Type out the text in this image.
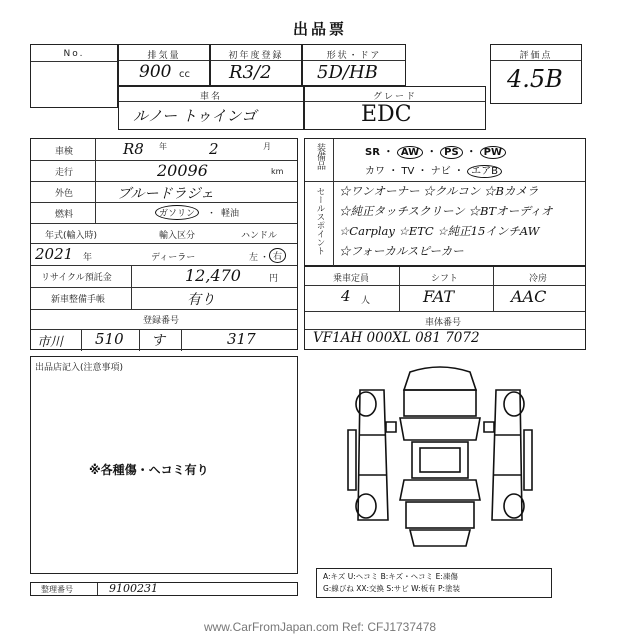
出品票
No.	排気量
900 cc
初年度登録
R3/2
形状・ドア
5D/HB
評価点
4.5B
車名
ルノー トゥインゴ
グレード
EDC
車検	R8 年	2	月
走行	20096	km
外色	ブルードラジェ
燃料	ガソリン	・ 軽油
年式(輸入時)	輸入区分	ハンドル
2021 年	ディーラー	左 ・ 右
リサイクル預託金	12,470	円
新車整備手帳	有り
登録番号
市川 510 す	317
装備品
セールスポイント
SR ・ AW ・ PS ・ PW
カワ ・ TV ・ ナビ ・ エアB
☆ワンオーナー ☆クルコン ☆Bカメラ
☆純正タッチスクリーン ☆BTオーディオ
☆Carplay ☆ETC ☆純正15インチAW
☆フォーカルスピーカー
乗車定員	シフト	冷房
4 人	FAT	AAC
車体番号
VF1AH 000XL 081 7072
出品店記入(注意事項)
※各種傷・ヘコミ有り
A:キズ U:ヘコミ B:キズ・ヘコミ E:凍傷
G:線びね XX:交換 S:サビ W:板有 P:塗装
整理番号	9100231
www.CarFromJapan.com Ref: CFJ1737478
